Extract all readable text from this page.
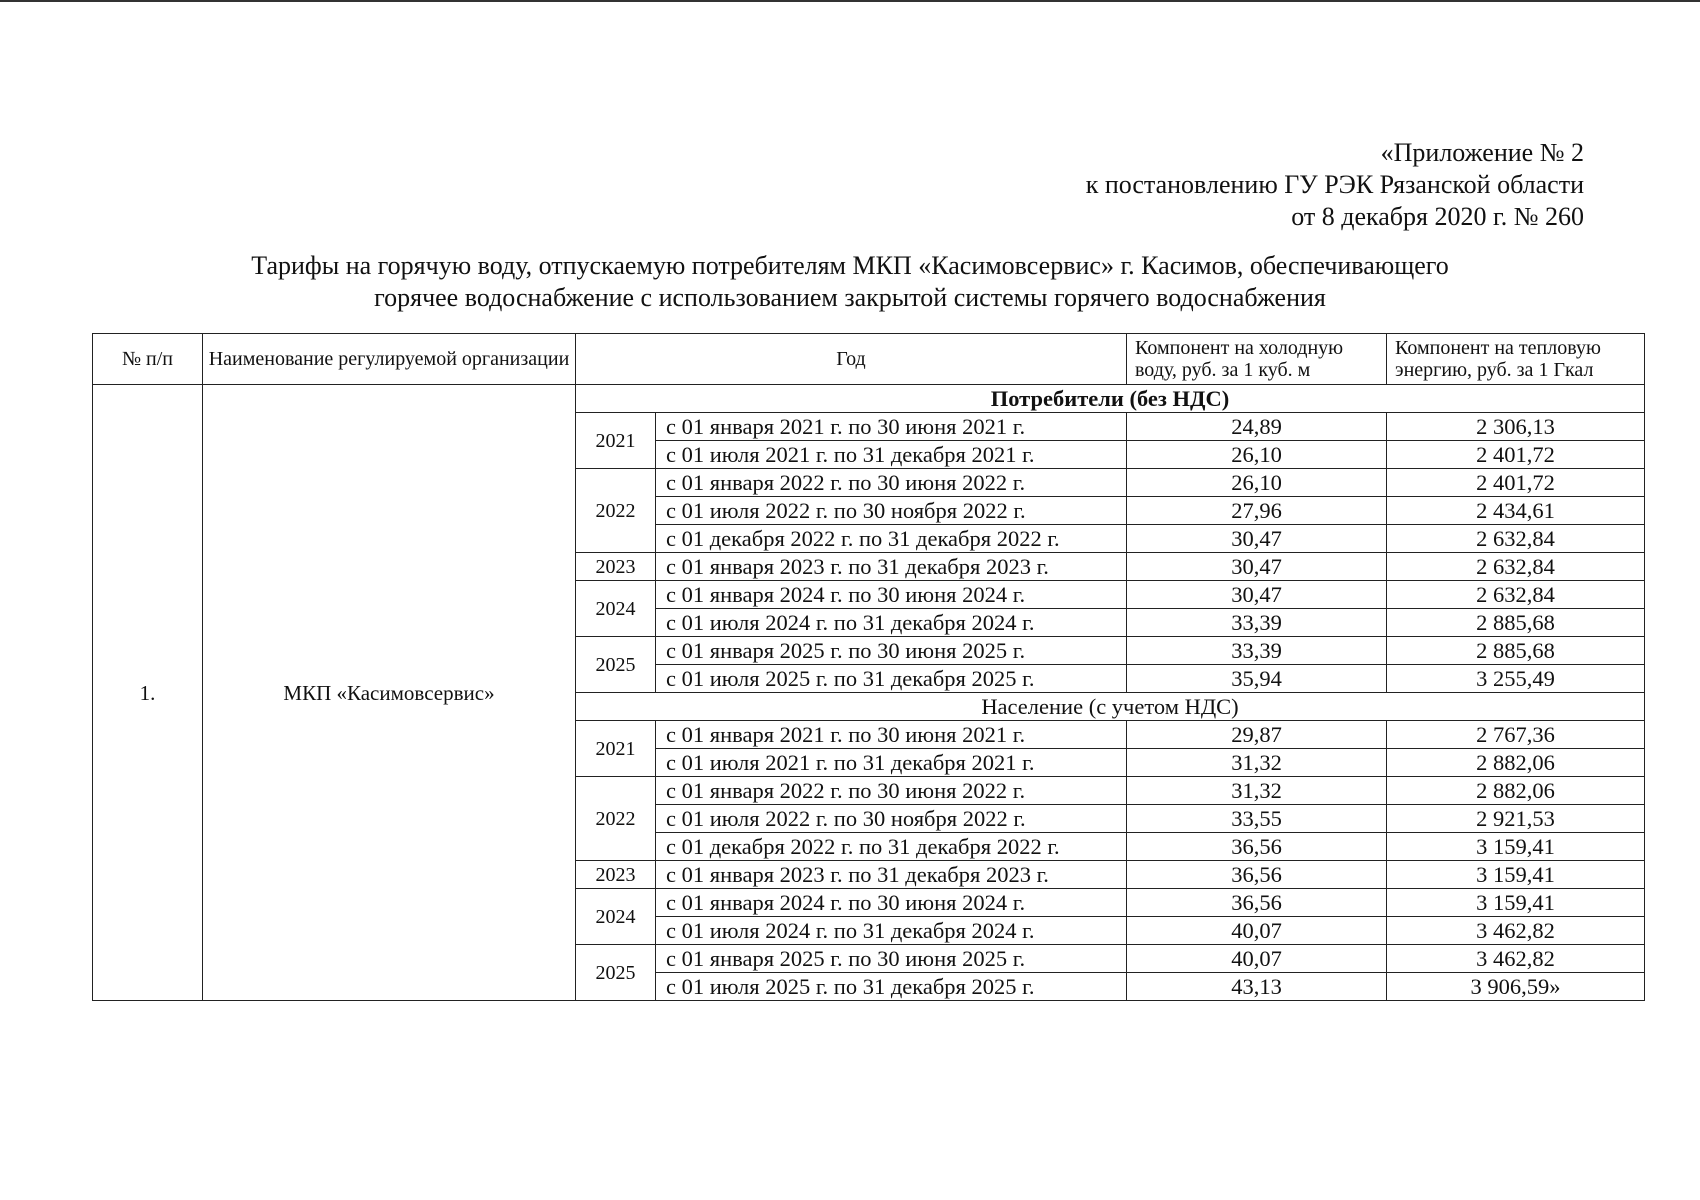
«Приложение № 2
к постановлению ГУ РЭК Рязанской области
от 8 декабря 2020 г. № 260
Тарифы на горячую воду, отпускаемую потребителям МКП «Касимовсервис» г. Касимов, обеспечивающего
горячее водоснабжение с использованием закрытой системы горячего водоснабжения
№ п/п	Наименование регулируемой организации	Год		Компонент на холодную воду, руб. за 1 куб. м	Компонент на тепловую энергию, руб. за 1 Гкал
1.	МКП «Касимовсервис»	Потребители (без НДС)			
		2021	с 01 января 2021 г. по 30 июня 2021 г.	24,89	2 306,13
			с 01 июля 2021 г. по 31 декабря 2021 г.	26,10	2 401,72
		2022	с 01 января 2022 г. по 30 июня 2022 г.	26,10	2 401,72
			с 01 июля 2022 г. по 30 ноября 2022 г.	27,96	2 434,61
			с 01 декабря 2022 г. по 31 декабря 2022 г.	30,47	2 632,84
		2023	с 01 января 2023 г. по 31 декабря 2023 г.	30,47	2 632,84
		2024	с 01 января 2024 г. по 30 июня 2024 г.	30,47	2 632,84
			с 01 июля 2024 г. по 31 декабря 2024 г.	33,39	2 885,68
		2025	с 01 января 2025 г. по 30 июня 2025 г.	33,39	2 885,68
			с 01 июля 2025 г. по 31 декабря 2025 г.	35,94	3 255,49
		Население (с учетом НДС)			
		2021	с 01 января 2021 г. по 30 июня 2021 г.	29,87	2 767,36
			с 01 июля 2021 г. по 31 декабря 2021 г.	31,32	2 882,06
		2022	с 01 января 2022 г. по 30 июня 2022 г.	31,32	2 882,06
			с 01 июля 2022 г. по 30 ноября 2022 г.	33,55	2 921,53
			с 01 декабря 2022 г. по 31 декабря 2022 г.	36,56	3 159,41
		2023	с 01 января 2023 г. по 31 декабря 2023 г.	36,56	3 159,41
		2024	с 01 января 2024 г. по 30 июня 2024 г.	36,56	3 159,41
			с 01 июля 2024 г. по 31 декабря 2024 г.	40,07	3 462,82
		2025	с 01 января 2025 г. по 30 июня 2025 г.	40,07	3 462,82
			с 01 июля 2025 г. по 31 декабря 2025 г.	43,13	3 906,59»
